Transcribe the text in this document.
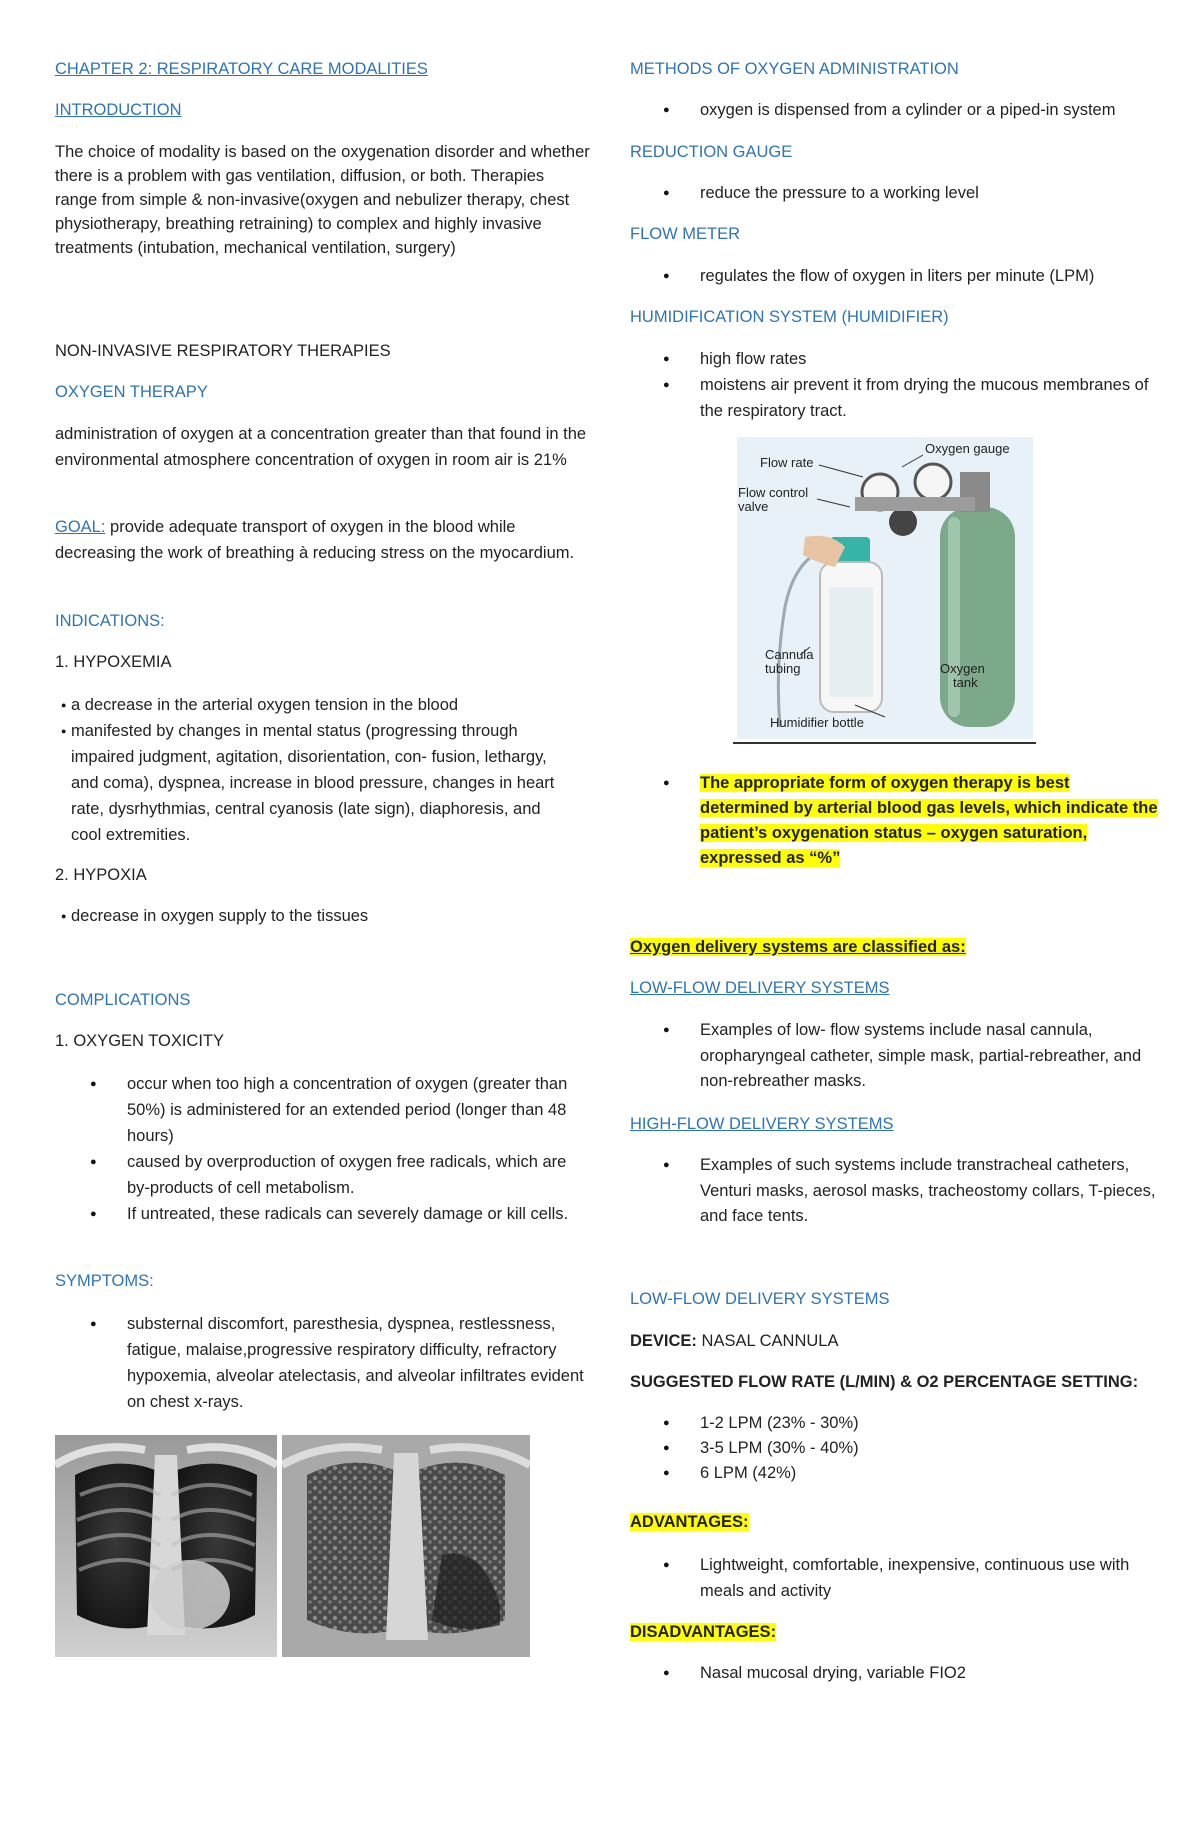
CHAPTER 2: RESPIRATORY CARE MODALITIES
INTRODUCTION
The choice of modality is based on the oxygenation disorder and whether there is a problem with gas ventilation, diffusion, or both. Therapies range from simple & non-invasive(oxygen and nebulizer therapy, chest physiotherapy, breathing retraining) to complex and highly invasive treatments (intubation, mechanical ventilation, surgery)
NON-INVASIVE RESPIRATORY THERAPIES
OXYGEN THERAPY
administration of oxygen at a concentration greater than that found in the environmental atmosphere concentration of oxygen in room air is 21%
GOAL: provide adequate transport of oxygen in the blood while decreasing the work of breathing à reducing stress on the myocardium.
INDICATIONS:
1. HYPOXEMIA
● a decrease in the arterial oxygen tension in the blood
● manifested by changes in mental status (progressing through impaired judgment, agitation, disorientation, con- fusion, lethargy, and coma), dyspnea, increase in blood pressure, changes in heart rate, dysrhythmias, central cyanosis (late sign), diaphoresis, and cool extremities.
2. HYPOXIA
● decrease in oxygen supply to the tissues
COMPLICATIONS
1. OXYGEN TOXICITY
● occur when too high a concentration of oxygen (greater than 50%) is administered for an extended period (longer than 48 hours)
● caused by overproduction of oxygen free radicals, which are by-products of cell metabolism.
● If untreated, these radicals can severely damage or kill cells.
SYMPTOMS:
● substernal discomfort, paresthesia, dyspnea, restlessness, fatigue, malaise,progressive respiratory difficulty, refractory hypoxemia, alveolar atelectasis, and alveolar infiltrates evident on chest x-rays.
METHODS OF OXYGEN ADMINISTRATION
● oxygen is dispensed from a cylinder or a piped-in system
REDUCTION GAUGE
● reduce the pressure to a working level
FLOW METER
● regulates the flow of oxygen in liters per minute (LPM)
HUMIDIFICATION SYSTEM (HUMIDIFIER)
● high flow rates
● moistens air prevent it from drying the mucous membranes of the respiratory tract.
● The appropriate form of oxygen therapy is best determined by arterial blood gas levels, which indicate the patient’s oxygenation status – oxygen saturation, expressed as “%”
Oxygen delivery systems are classified as:
LOW-FLOW DELIVERY SYSTEMS
● Examples of low- flow systems include nasal cannula, oropharyngeal catheter, simple mask, partial-rebreather, and non-rebreather masks.
HIGH-FLOW DELIVERY SYSTEMS
● Examples of such systems include transtracheal catheters, Venturi masks, aerosol masks, tracheostomy collars, T-pieces, and face tents.
LOW-FLOW DELIVERY SYSTEMS
DEVICE: NASAL CANNULA
SUGGESTED FLOW RATE (L/MIN) & O2 PERCENTAGE SETTING:
● 1-2 LPM (23% - 30%)
● 3-5 LPM (30% - 40%)
● 6 LPM (42%)
ADVANTAGES:
● Lightweight, comfortable, inexpensive, continuous use with meals and activity
DISADVANTAGES:
● Nasal mucosal drying, variable FIO2
Flow rate
Oxygen gauge
Flow control
valve
Cannula
tubing	Oxygen
tank
Humidifier bottle
